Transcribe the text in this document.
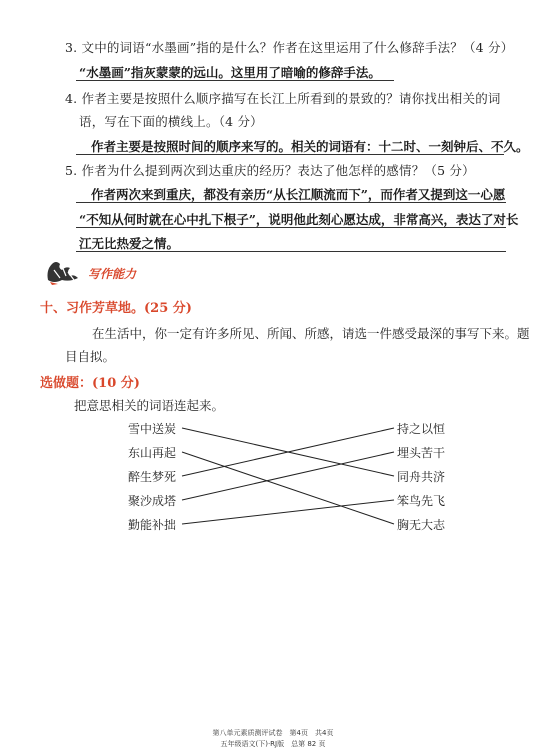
3. 文中的词语“水墨画”指的是什么？作者在这里运用了什么修辞手法？（4 分）
“水墨画”指灰蒙蒙的远山。这里用了暗喻的修辞手法。
4. 作者主要是按照什么顺序描写在长江上所看到的景致的？请你找出相关的词
语，写在下面的横线上。（4 分）
作者主要是按照时间的顺序来写的。相关的词语有：十二时、一刻钟后、不久。
5. 作者为什么提到两次到达重庆的经历？表达了他怎样的感情？（5 分）
作者两次来到重庆，都没有亲历“从长江顺流而下”，而作者又提到这一心愿
“不知从何时就在心中扎下根子”，说明他此刻心愿达成，非常高兴，表达了对长
江无比热爱之情。
写作能力
十、习作芳草地。(25 分)
在生活中，你一定有许多所见、所闻、所感，请选一件感受最深的事写下来。题
目自拟。
选做题：(10 分)
把意思相关的词语连起来。
雪中送炭
东山再起
醉生梦死
聚沙成塔
勤能补拙
持之以恒
埋头苦干
同舟共济
笨鸟先飞
胸无大志
第八单元素质测评试卷　第4页　共4页
五年级语文(下)·RJ版　总第 82 页
